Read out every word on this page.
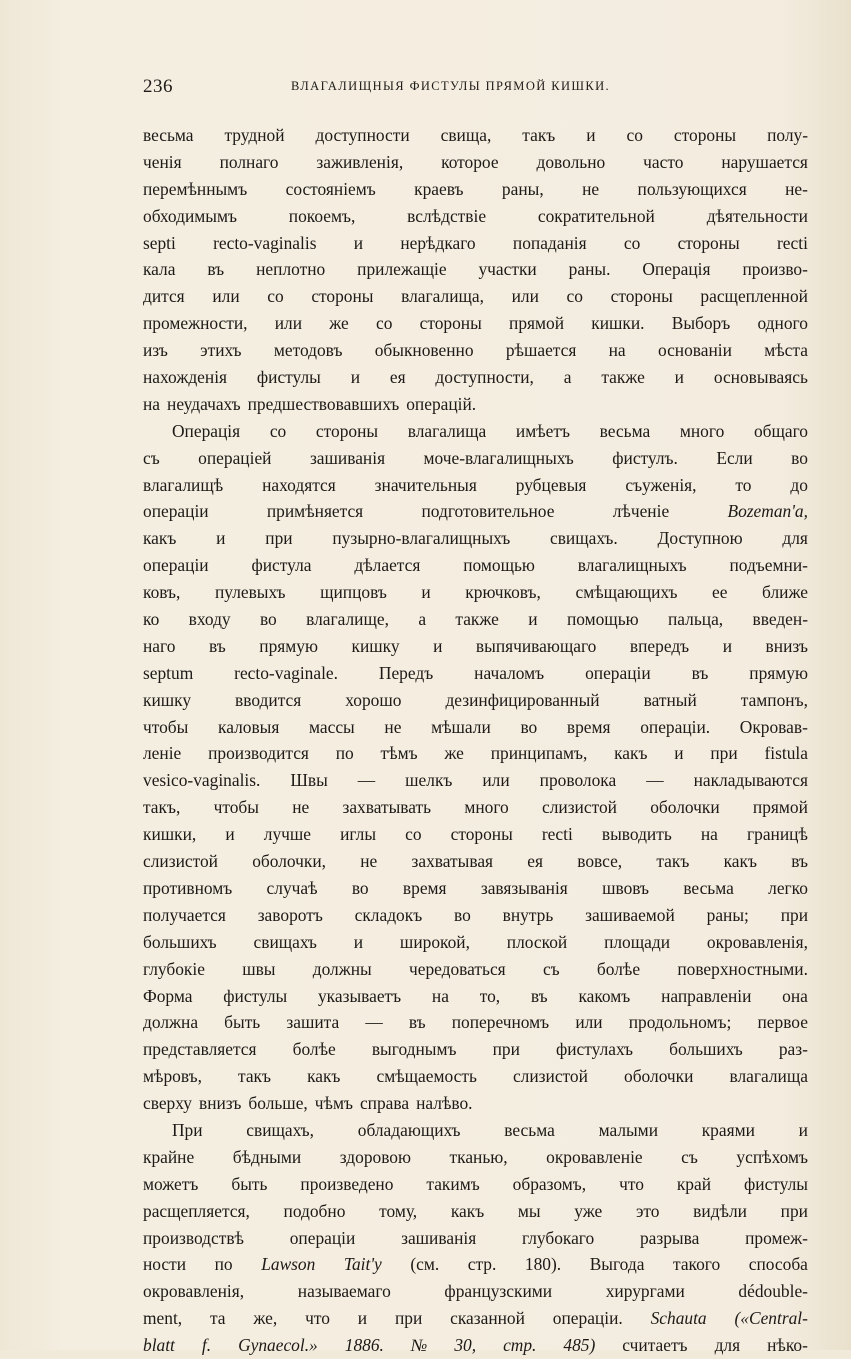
236	ВЛАГАЛИЩНЫЯ ФИСТУЛЫ ПРЯМОЙ КИШКИ.
весьма трудной доступности свища, такъ и со стороны полу-
ченія полнаго заживленія, которое довольно часто нарушается
перемѣннымъ состояніемъ краевъ раны, не пользующихся не-
обходимымъ	покоемъ,	вслѣдствіе	сократительной	дѣятельности
septi recto-vaginalis и нерѣдкаго попаданія со стороны recti
кала въ неплотно прилежащіе участки раны. Операція произво-
дится или со стороны влагалища, или со стороны расщепленной
промежности, или же со стороны прямой кишки. Выборъ одного
изъ этихъ методовъ обыкновенно рѣшается на основаніи мѣста
нахожденія фистулы и ея доступности, а также и основываясь
на неудачахъ предшествовавшихъ операцій.
Операція со стороны влагалища имѣетъ весьма много общаго
съ операціей зашиванія моче-влагалищныхъ фистулъ. Если во
влагалищѣ находятся значительныя рубцевыя съуженія, то до
операціи	примѣняется	подготовительное	лѣченіе	Bozeman'а,
какъ и при пузырно-влагалищныхъ свищахъ. Доступною для
операціи фистула дѣлается помощью влагалищныхъ подъемни-
ковъ, пулевыхъ щипцовъ и крючковъ, смѣщающихъ ее ближе
ко входу во влагалище, а также и помощью пальца, введен-
наго въ прямую кишку и выпячивающаго впередъ и внизъ
septum recto-vaginale. Передъ началомъ операціи въ прямую
кишку	вводится	хорошо	дезинфицированный	ватный	тампонъ,
чтобы каловыя массы не мѣшали во время операціи. Окровав-
леніе производится по тѣмъ же принципамъ, какъ и при fistula
vesico-vaginalis. Швы — шелкъ или проволока — накладываются
такъ, чтобы не захватывать много слизистой оболочки прямой
кишки, и лучше иглы со стороны recti выводить на границѣ
слизистой оболочки, не захватывая ея вовсе, такъ какъ въ
противномъ случаѣ во время завязыванія швовъ весьма легко
получается заворотъ складокъ во внутрь зашиваемой раны; при
большихъ свищахъ и широкой, плоской площади окровавленія,
глубокіе швы должны чередоваться съ болѣе поверхностными.
Форма фистулы указываетъ на то, въ какомъ направленіи она
должна быть зашита — въ поперечномъ или продольномъ; первое
представляется болѣе выгоднымъ при фистулахъ большихъ раз-
мѣровъ, такъ какъ смѣщаемость слизистой оболочки влагалища
сверху внизъ больше, чѣмъ справа налѣво.
При	свищахъ,	обладающихъ	весьма	малыми	краями	и
крайне бѣдными здоровою тканью, окровавленіе съ успѣхомъ
можетъ быть произведено такимъ образомъ, что край фистулы
расщепляется, подобно тому, какъ мы уже это видѣли при
производствѣ	операціи	зашиванія	глубокаго	разрыва	промеж-
ности по Lawson Tait'у (см. стр. 180). Выгода такого способа
окровавленія,	называемаго	французскими	хирургами	dédouble-
ment, та же, что и при сказанной операціи. Schauta («Central-
blatt f. Gynaecol.» 1886. № 30, стр. 485) считаетъ для нѣко-
